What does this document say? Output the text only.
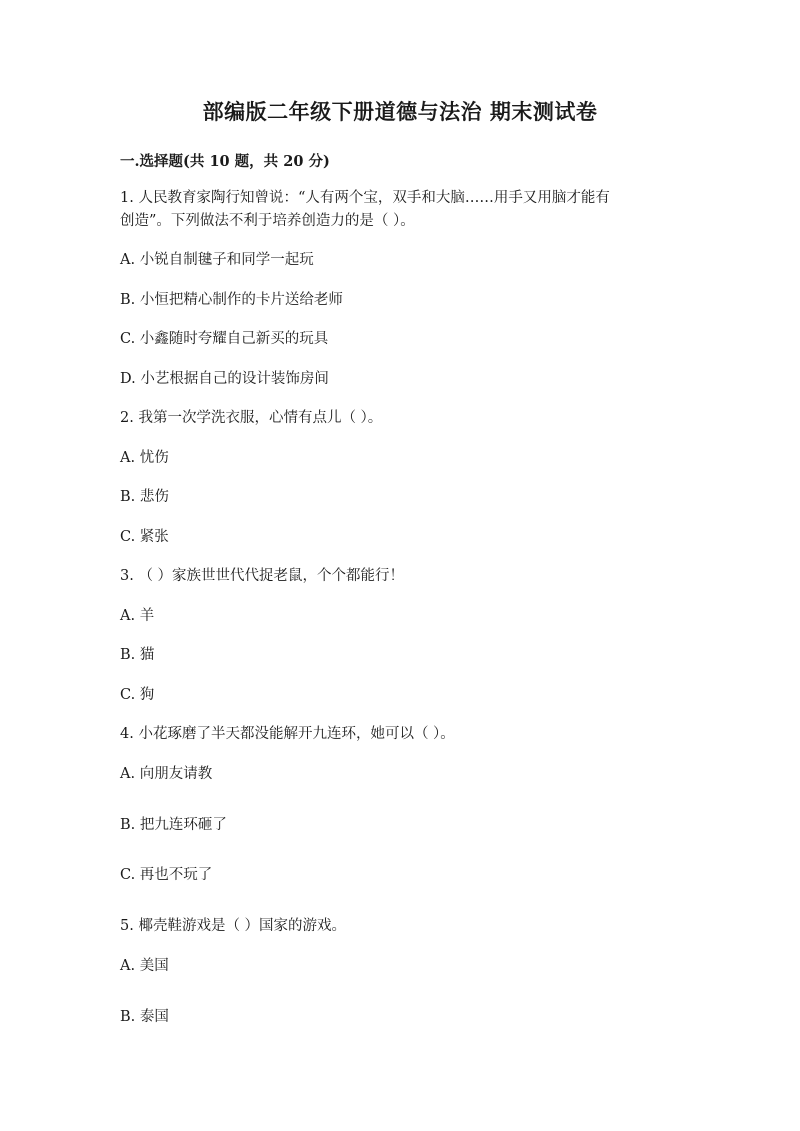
部编版二年级下册道德与法治 期末测试卷
一.选择题(共 10 题，共 20 分)
1. 人民教育家陶行知曾说：“人有两个宝，双手和大脑……用手又用脑才能有
创造”。下列做法不利于培养创造力的是（ ）。
A. 小锐自制毽子和同学一起玩
B. 小恒把精心制作的卡片送给老师
C. 小鑫随时夸耀自己新买的玩具
D. 小艺根据自己的设计装饰房间
2. 我第一次学洗衣服，心情有点儿（ ）。
A. 忧伤
B. 悲伤
C. 紧张
3. （ ）家族世世代代捉老鼠，个个都能行！
A. 羊
B. 猫
C. 狗
4. 小花琢磨了半天都没能解开九连环，她可以（ ）。
A. 向朋友请教
B. 把九连环砸了
C. 再也不玩了
5. 椰壳鞋游戏是（ ）国家的游戏。
A. 美国
B. 泰国
